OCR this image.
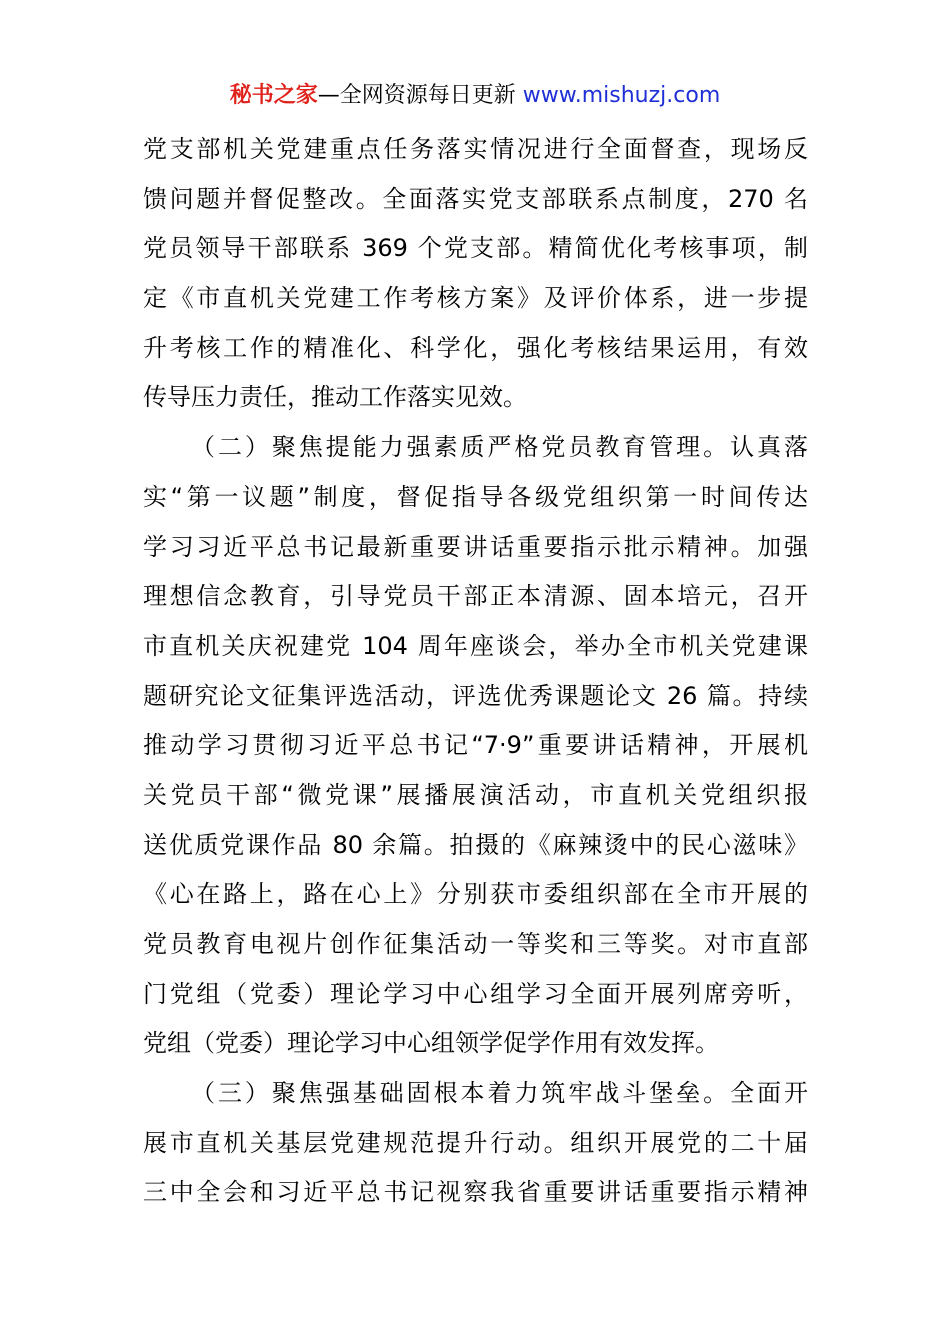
秘书之家—全网资源每日更新 www.mishuzj.com
党支部机关党建重点任务落实情况进行全面督查，现场反
馈问题并督促整改。全面落实党支部联系点制度，270 名
党员领导干部联系 369 个党支部。精简优化考核事项，制
定《市直机关党建工作考核方案》及评价体系，进一步提
升考核工作的精准化、科学化，强化考核结果运用，有效
传导压力责任，推动工作落实见效。
（二）聚焦提能力强素质严格党员教育管理。认真落
实“第一议题”制度，督促指导各级党组织第一时间传达
学习习近平总书记最新重要讲话重要指示批示精神。加强
理想信念教育，引导党员干部正本清源、固本培元，召开
市直机关庆祝建党 104 周年座谈会，举办全市机关党建课
题研究论文征集评选活动，评选优秀课题论文 26 篇。持续
推动学习贯彻习近平总书记“7·9”重要讲话精神，开展机
关党员干部“微党课”展播展演活动，市直机关党组织报
送优质党课作品 80 余篇。拍摄的《麻辣烫中的民心滋味》
《心在路上，路在心上》分别获市委组织部在全市开展的
党员教育电视片创作征集活动一等奖和三等奖。对市直部
门党组（党委）理论学习中心组学习全面开展列席旁听，
党组（党委）理论学习中心组领学促学作用有效发挥。
（三）聚焦强基础固根本着力筑牢战斗堡垒。全面开
展市直机关基层党建规范提升行动。组织开展党的二十届
三中全会和习近平总书记视察我省重要讲话重要指示精神
